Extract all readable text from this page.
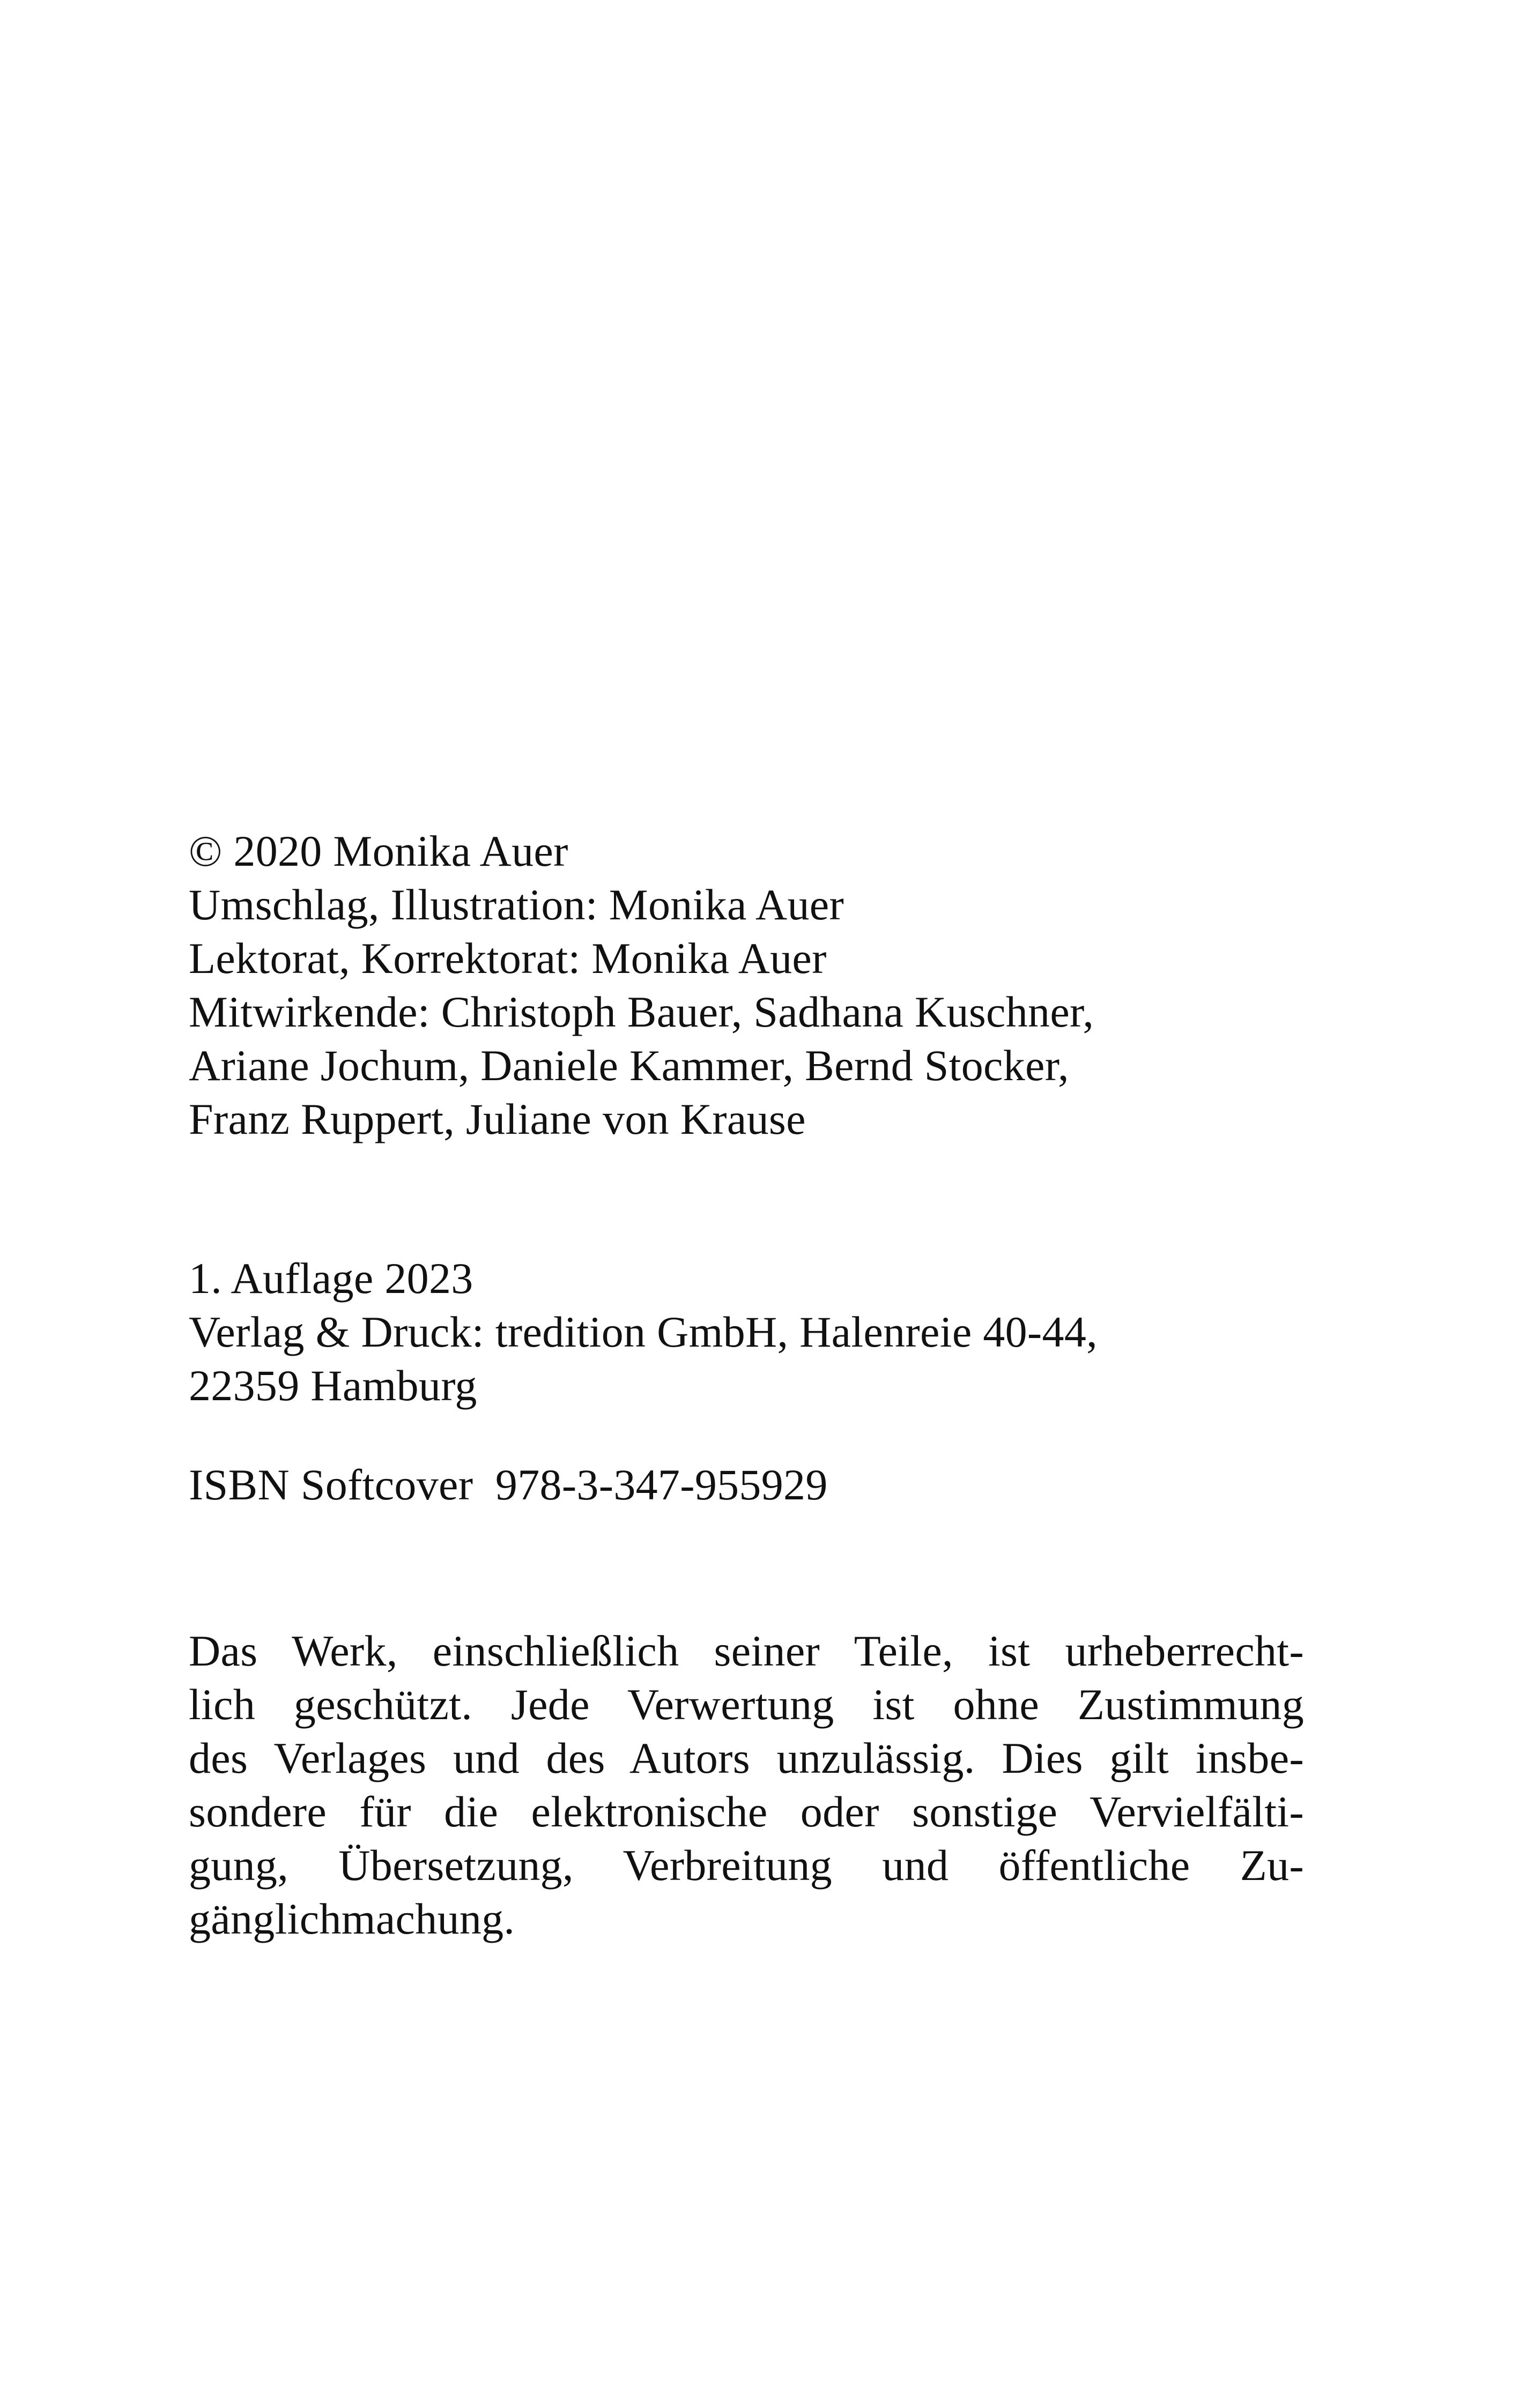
© 2020 Monika Auer
Umschlag, Illustration: Monika Auer
Lektorat, Korrektorat: Monika Auer
Mitwirkende: Christoph Bauer, Sadhana Kuschner,
Ariane Jochum, Daniele Kammer, Bernd Stocker,
Franz Ruppert, Juliane von Krause
1. Auflage 2023
Verlag & Druck: tredition GmbH, Halenreie 40-44,
22359 Hamburg
ISBN Softcover  978-3-347-955929
Das Werk, einschließlich seiner Teile, ist urheberrecht-
lich geschützt. Jede Verwertung ist ohne Zustimmung
des Verlages und des Autors unzulässig. Dies gilt insbe-
sondere für die elektronische oder sonstige Vervielfälti-
gung, Übersetzung, Verbreitung und öffentliche Zu-
gänglichmachung.
